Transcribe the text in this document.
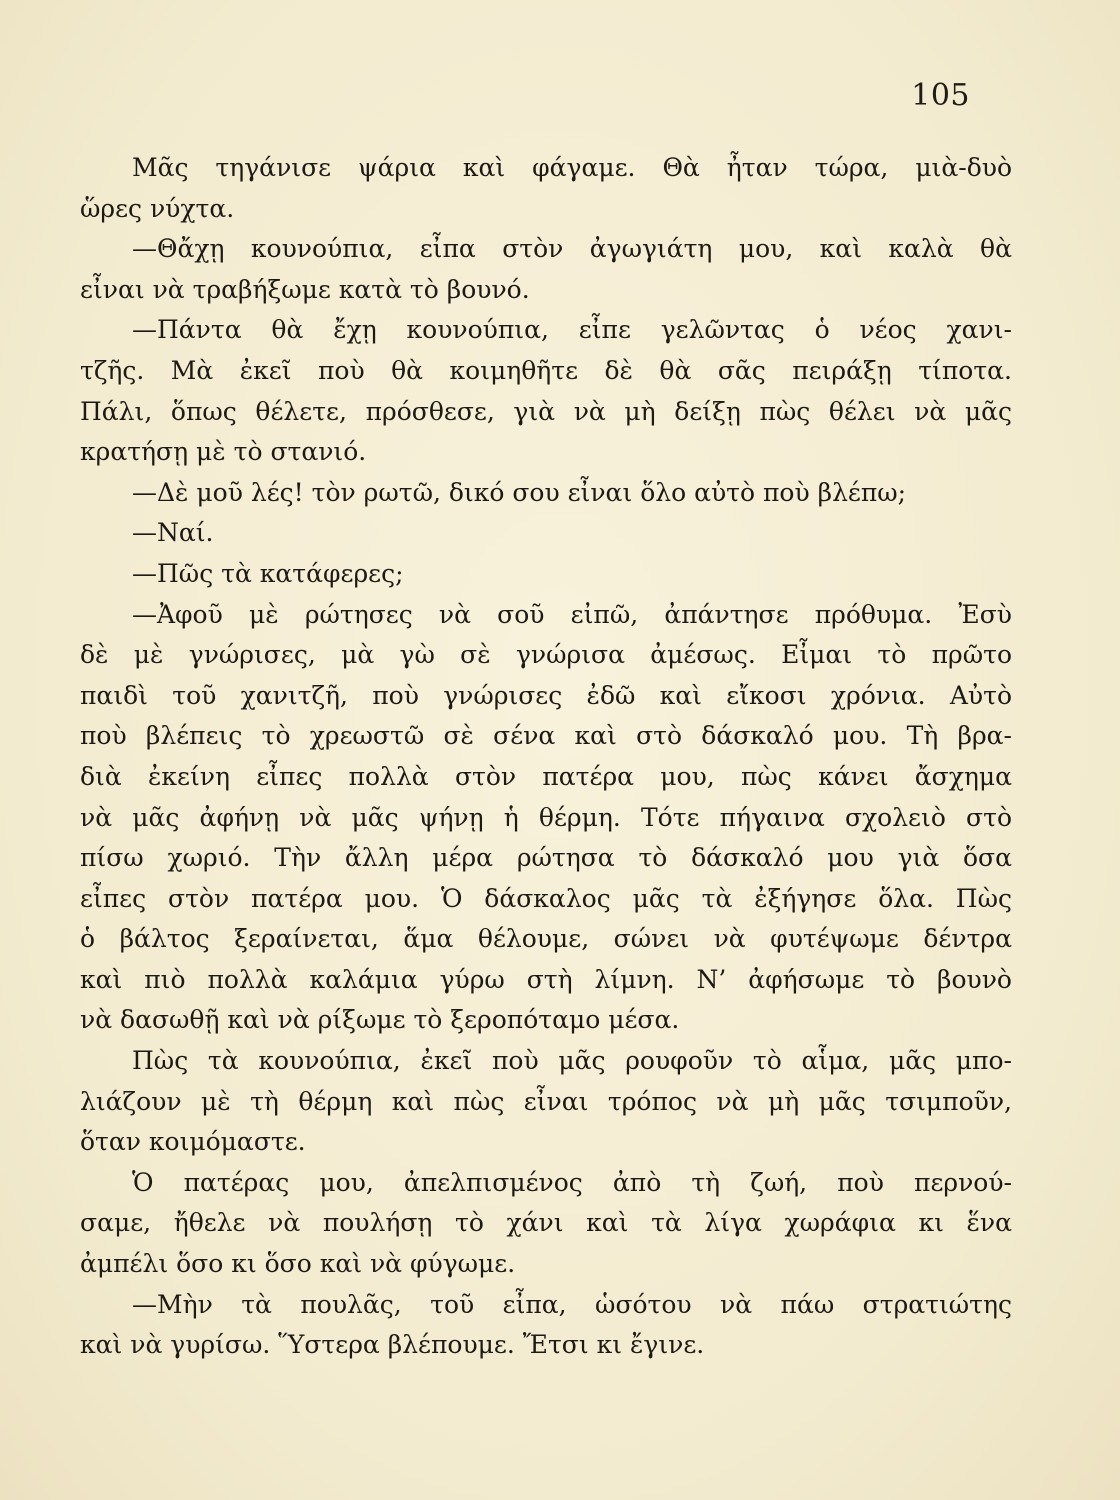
105
Μᾶς τηγάνισε ψάρια καὶ φάγαμε. Θὰ ἦταν τώρα, μιὰ-δυὸ
ὥρες νύχτα.
—Θἄχῃ κουνούπια, εἶπα στὸν ἀγωγιάτη μου, καὶ καλὰ θὰ
εἶναι νὰ τραβήξωμε κατὰ τὸ βουνό.
—Πάντα θὰ ἔχῃ κουνούπια, εἶπε γελῶντας ὁ νέος χανι-
τζῆς. Μὰ ἐκεῖ ποὺ θὰ κοιμηθῆτε δὲ θὰ σᾶς πειράξῃ τίποτα.
Πάλι, ὅπως θέλετε, πρόσθεσε, γιὰ νὰ μὴ δείξῃ πὼς θέλει νὰ μᾶς
κρατήσῃ μὲ τὸ στανιό.
—Δὲ μοῦ λές! τὸν ρωτῶ, δικό σου εἶναι ὅλο αὐτὸ ποὺ βλέπω;
—Ναί.
—Πῶς τὰ κατάφερες;
—Ἀφοῦ μὲ ρώτησες νὰ σοῦ εἰπῶ, ἀπάντησε πρόθυμα. Ἐσὺ
δὲ μὲ γνώρισες, μὰ γὼ σὲ γνώρισα ἀμέσως. Εἶμαι τὸ πρῶτο
παιδὶ τοῦ χανιτζῆ, ποὺ γνώρισες ἐδῶ καὶ εἴκοσι χρόνια. Αὐτὸ
ποὺ βλέπεις τὸ χρεωστῶ σὲ σένα καὶ στὸ δάσκαλό μου. Τὴ βρα-
διὰ ἐκείνη εἶπες πολλὰ στὸν πατέρα μου, πὼς κάνει ἄσχημα
νὰ μᾶς ἀφήνῃ νὰ μᾶς ψήνῃ ἡ θέρμη. Τότε πήγαινα σχολειὸ στὸ
πίσω χωριό. Τὴν ἄλλη μέρα ρώτησα τὸ δάσκαλό μου γιὰ ὅσα
εἶπες στὸν πατέρα μου. Ὁ δάσκαλος μᾶς τὰ ἐξήγησε ὅλα. Πὼς
ὁ βάλτος ξεραίνεται, ἅμα θέλουμε, σώνει νὰ φυτέψωμε δέντρα
καὶ πιὸ πολλὰ καλάμια γύρω στὴ λίμνη. Ν’ ἀφήσωμε τὸ βουνὸ
νὰ δασωθῇ καὶ νὰ ρίξωμε τὸ ξεροπόταμο μέσα.
Πὼς τὰ κουνούπια, ἐκεῖ ποὺ μᾶς ρουφοῦν τὸ αἷμα, μᾶς μπο-
λιάζουν μὲ τὴ θέρμη καὶ πὼς εἶναι τρόπος νὰ μὴ μᾶς τσιμποῦν,
ὅταν κοιμόμαστε.
Ὁ πατέρας μου, ἀπελπισμένος ἀπὸ τὴ ζωή, ποὺ περνού-
σαμε, ἤθελε νὰ πουλήσῃ τὸ χάνι καὶ τὰ λίγα χωράφια κι ἕνα
ἀμπέλι ὅσο κι ὅσο καὶ νὰ φύγωμε.
—Μὴν τὰ πουλᾶς, τοῦ εἶπα, ὡσότου νὰ πάω στρατιώτης
καὶ νὰ γυρίσω. Ὕστερα βλέπουμε. Ἔτσι κι ἔγινε.
